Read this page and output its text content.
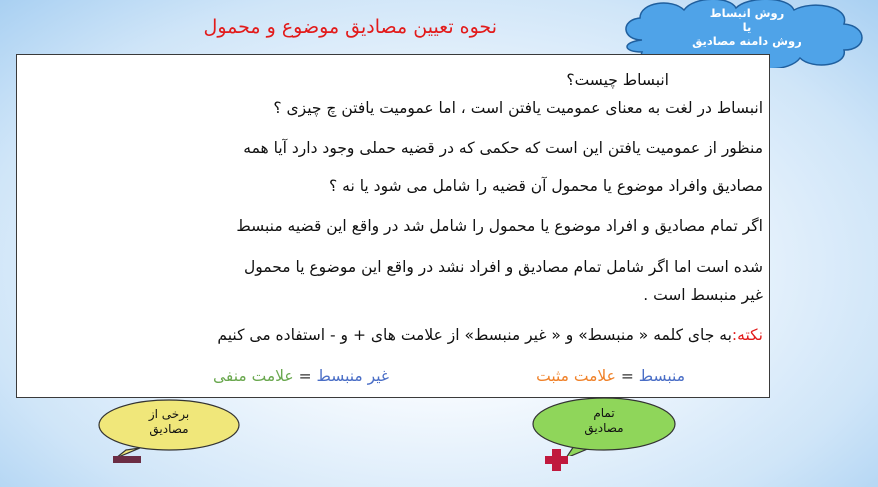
نحوه تعیین مصادیق موضوع و محمول
روش انبساط
یا
روش دامنه مصادیق
انبساط چیست؟
انبساط در لغت به معنای عمومیت یافتن است ، اما عمومیت یافتن چ چیزی ؟
منظور از عمومیت یافتن این است که حکمی که در قضیه حملی وجود دارد آیا همه
مصادیق وافراد موضوع یا محمول آن قضیه را شامل می شود یا نه ؟
اگر تمام مصادیق و افراد موضوع یا محمول را شامل شد در واقع این قضیه منبسط
شده است اما اگر شامل تمام مصادیق و افراد نشد در واقع این موضوع یا محمول
غیر منبسط است .
نکته:به جای کلمه « منبسط» و « غیر منبسط» از علامت های + و - استفاده می کنیم
منبسط = علامت مثبت
غیر منبسط = علامت منفی
برخی از
مصادیق
تمام
مصادیق
